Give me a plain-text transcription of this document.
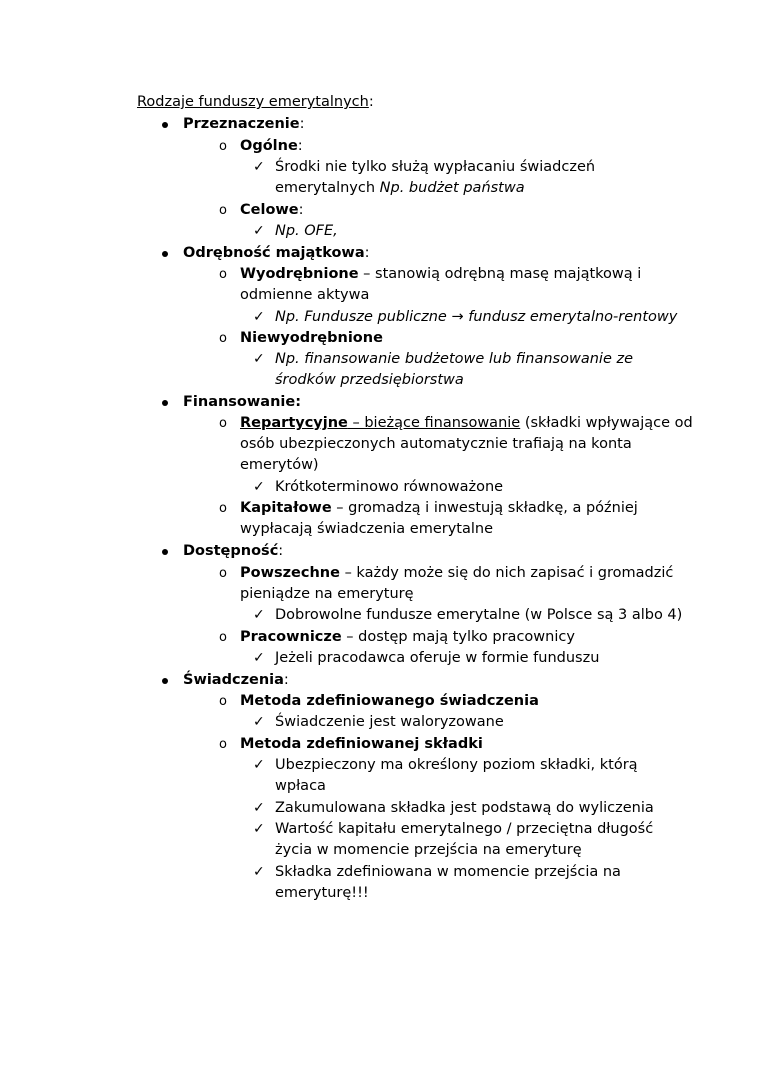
Rodzaje funduszy emerytalnych:
Przeznaczenie:
o Ogólne:
✓ Środki nie tylko służą wypłacaniu świadczeń
emerytalnych Np. budżet państwa
o Celowe:
✓ Np. OFE,
Odrębność majątkowa:
o Wyodrębnione – stanowią odrębną masę majątkową i
odmienne aktywa
✓ Np. Fundusze publiczne → fundusz emerytalno-rentowy
o Niewyodrębnione
✓ Np. finansowanie budżetowe lub finansowanie ze
środków przedsiębiorstwa
Finansowanie:
o Repartycyjne – bieżące finansowanie (składki wpływające od
osób ubezpieczonych automatycznie trafiają na konta
emerytów)
✓ Krótkoterminowo równoważone
o Kapitałowe – gromadzą i inwestują składkę, a później
wypłacają świadczenia emerytalne
Dostępność:
o Powszechne – każdy może się do nich zapisać i gromadzić
pieniądze na emeryturę
✓ Dobrowolne fundusze emerytalne (w Polsce są 3 albo 4)
o Pracownicze – dostęp mają tylko pracownicy
✓ Jeżeli pracodawca oferuje w formie funduszu
Świadczenia:
o Metoda zdefiniowanego świadczenia
✓ Świadczenie jest waloryzowane
o Metoda zdefiniowanej składki
✓ Ubezpieczony ma określony poziom składki, którą
wpłaca
✓ Zakumulowana składka jest podstawą do wyliczenia
✓ Wartość kapitału emerytalnego / przeciętna długość
życia w momencie przejścia na emeryturę
✓ Składka zdefiniowana w momencie przejścia na
emeryturę!!!
